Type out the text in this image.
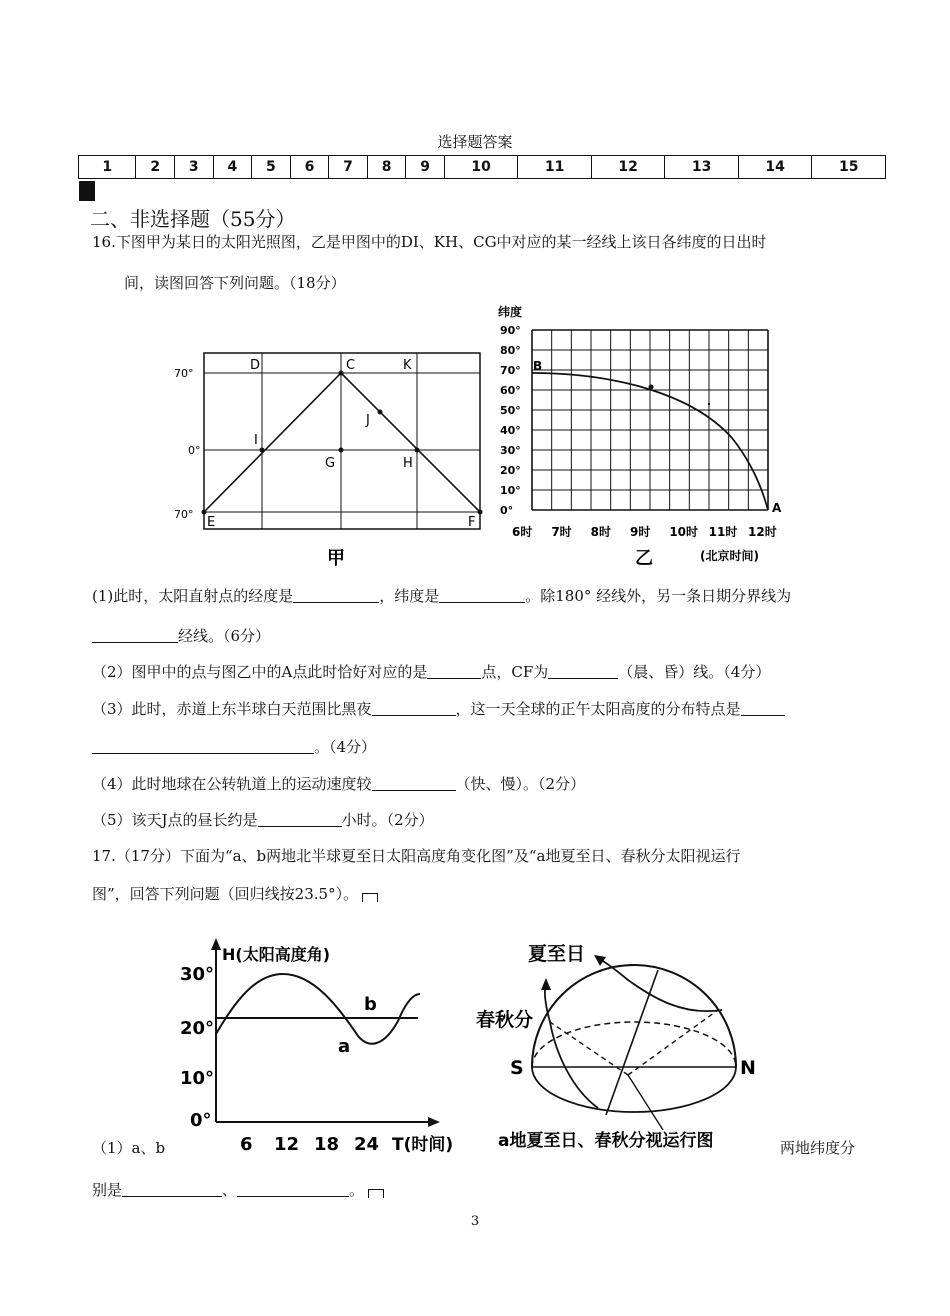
选择题答案
1	2	3	4	5	6	7	8	9	10	11	12	13	14	15

二、非选择题（55分）
16.下图甲为某日的太阳光照图，乙是甲图中的DI、KH、CG中对应的某一经线上该日各纬度的日出时
间，读图回答下列问题。（18分）
70°
0°
70°
D	C	K
J
I
G	H
E	F
甲
纬度
90°
80°
70°
60°
50°
40°
30°
20°
10°
0°
6时 7时 8时 9时 10时 11时 12时
B
A
乙	(北京时间)
(1)此时，太阳直射点的经度是	，纬度是	。除180° 经线外，另一条日期分界线为
经线。（6分）
（2）图甲中的点与图乙中的A点此时恰好对应的是	点，CF为	（晨、昏）线。（4分）
（3）此时，赤道上东半球白天范围比黑夜	，这一天全球的正午太阳高度的分布特点是
。（4分）
（4）此时地球在公转轨道上的运动速度较	（快、慢）。（2分）
（5）该天J点的昼长约是	小时。（2分）
17.（17分）下面为“a、b两地北半球夏至日太阳高度角变化图”及“a地夏至日、春秋分太阳视运行
图”，回答下列问题（回归线按23.5°）。
H(太阳高度角)
30°
20°
10°
0°
6 12 18 24 T(时间)
b
a
夏至日
春秋分
S	N
a地夏至日、春秋分视运行图
（1）a、b	两地纬度分
别是	、	。
3
